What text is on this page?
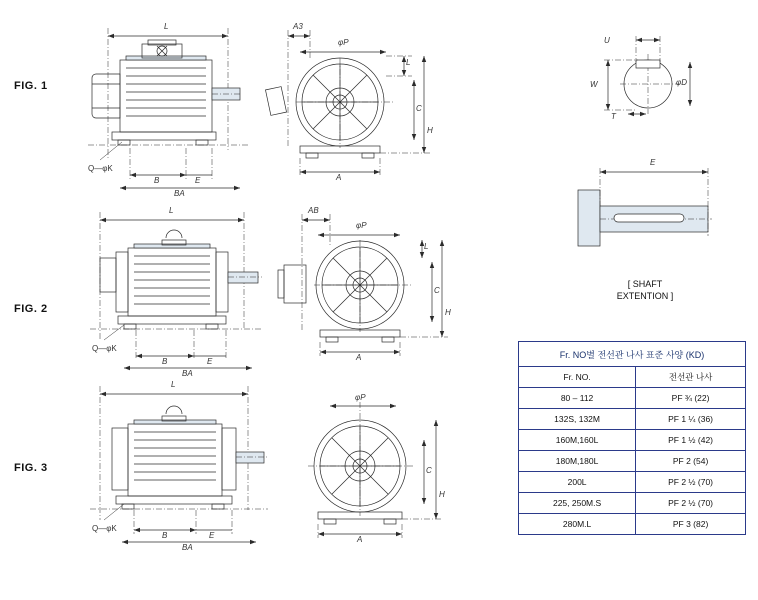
FIG. 1
L	A3
φP
L
C
H
A
B	E
Q—φK
BA
FIG. 2
L	AB
φP
L
C
H
A
B	E
Q—φK
BA
FIG. 3
L
φP
C
H
A
B	E
Q—φK
BA
U
W	φD
T
E
[ SHAFT
EXTENTION ]
Fr. NO별 전선관 나사 표준 사양 (KD)	
Fr. NO.	전선관 나사
80 – 112	PF ¾ (22)
132S, 132M	PF 1 ¼ (36)
160M,160L	PF 1 ½ (42)
180M,180L	PF 2 (54)
200L	PF 2 ½ (70)
225, 250M.S	PF 2 ½ (70)
280M.L	PF 3 (82)
